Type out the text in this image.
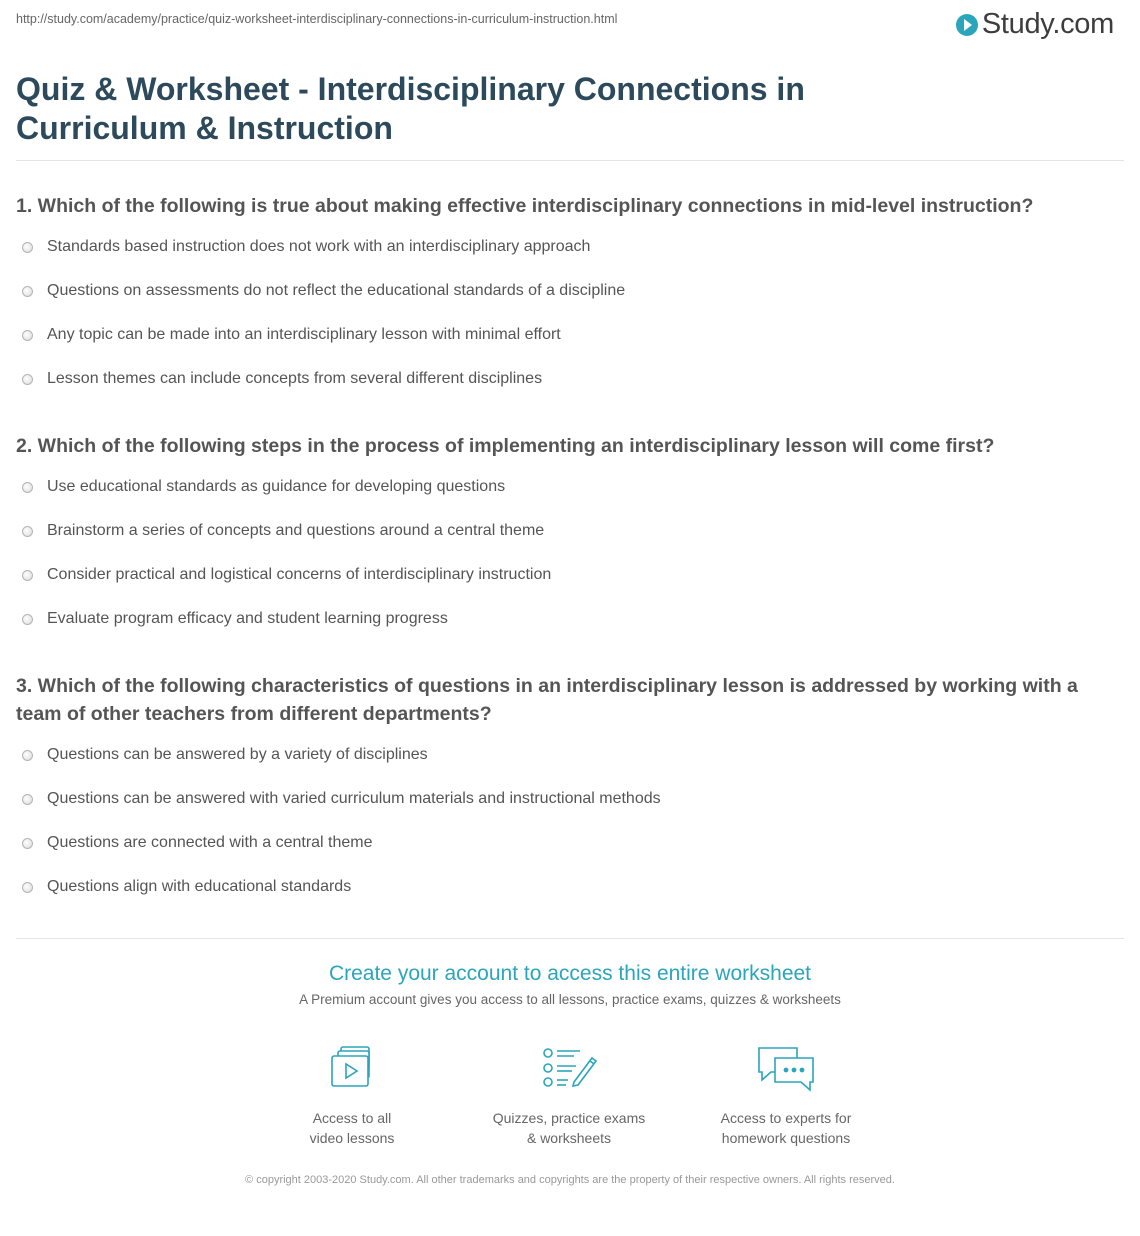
http://study.com/academy/practice/quiz-worksheet-interdisciplinary-connections-in-curriculum-instruction.html	Study.com
Quiz & Worksheet - Interdisciplinary Connections in Curriculum & Instruction
1. Which of the following is true about making effective interdisciplinary connections in mid-level instruction?
Standards based instruction does not work with an interdisciplinary approach
Questions on assessments do not reflect the educational standards of a discipline
Any topic can be made into an interdisciplinary lesson with minimal effort
Lesson themes can include concepts from several different disciplines
2. Which of the following steps in the process of implementing an interdisciplinary lesson will come first?
Use educational standards as guidance for developing questions
Brainstorm a series of concepts and questions around a central theme
Consider practical and logistical concerns of interdisciplinary instruction
Evaluate program efficacy and student learning progress
3. Which of the following characteristics of questions in an interdisciplinary lesson is addressed by working with a team of other teachers from different departments?
Questions can be answered by a variety of disciplines
Questions can be answered with varied curriculum materials and instructional methods
Questions are connected with a central theme
Questions align with educational standards
Create your account to access this entire worksheet
A Premium account gives you access to all lessons, practice exams, quizzes & worksheets
Access to all
video lessons
Quizzes, practice exams
& worksheets
Access to experts for
homework questions
© copyright 2003-2020 Study.com. All other trademarks and copyrights are the property of their respective owners. All rights reserved.
